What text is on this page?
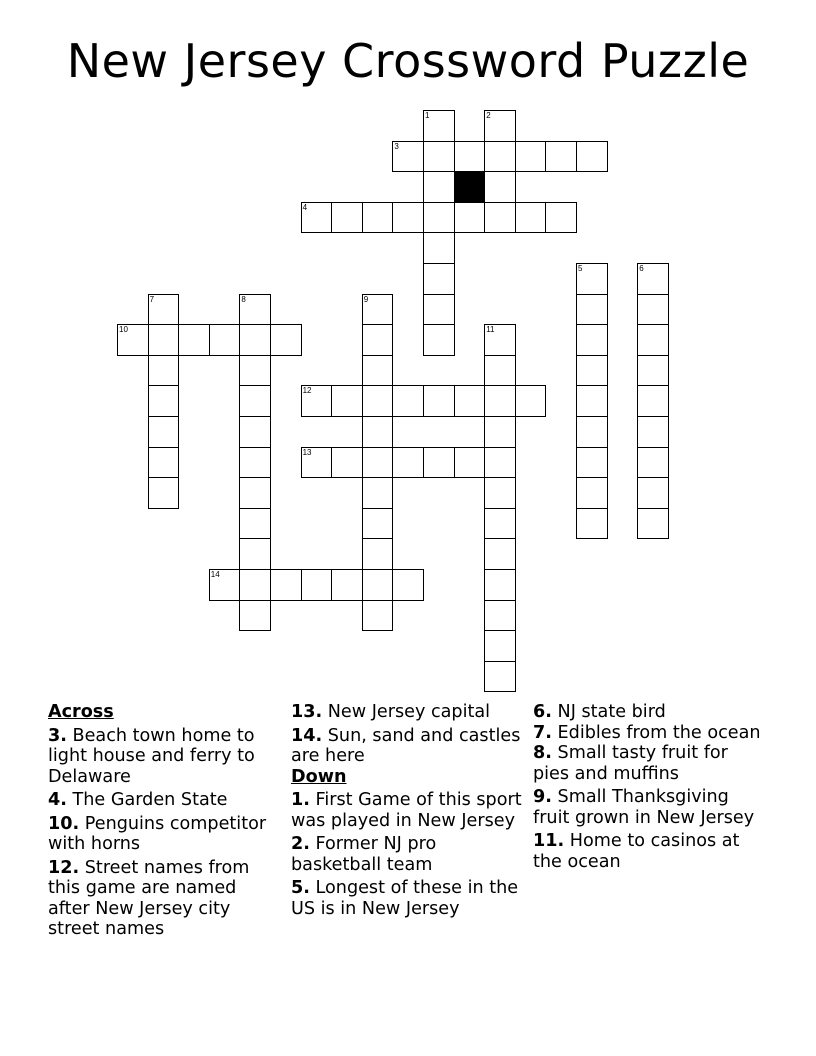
New Jersey Crossword Puzzle
1	2
3
4
5	6
7	8	9
10	11
12
13
14
Across
3. Beach town home to light house and ferry to Delaware
4. The Garden State
10. Penguins competitor with horns
12. Street names from this game are named after New Jersey city street names
13. New Jersey capital
14. Sun, sand and castles are here
Down
1. First Game of this sport was played in New Jersey
2. Former NJ pro basketball team
5. Longest of these in the US is in New Jersey
6. NJ state bird
7. Edibles from the ocean
8. Small tasty fruit for pies and muffins
9. Small Thanksgiving fruit grown in New Jersey
11. Home to casinos at the ocean
